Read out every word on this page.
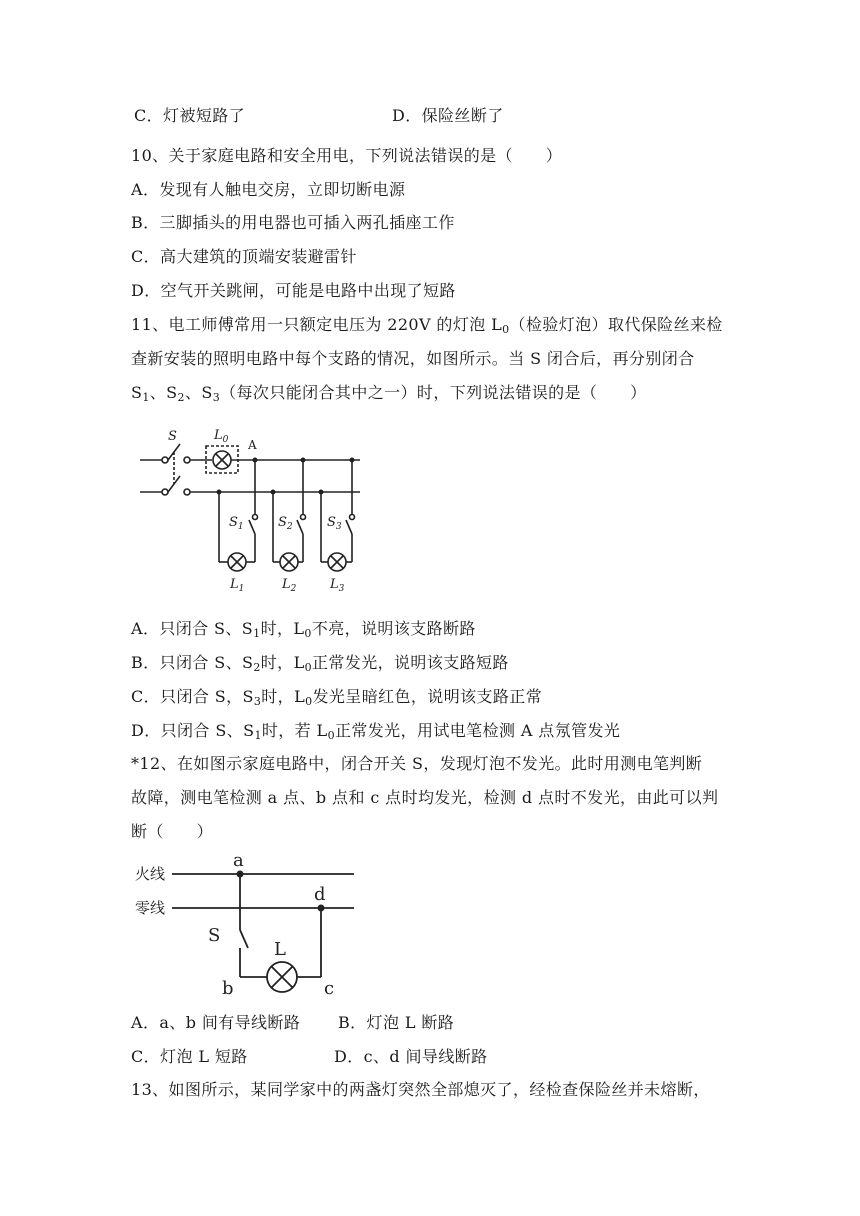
C．灯被短路了	D．保险丝断了
10、关于家庭电路和安全用电，下列说法错误的是（　　）
A．发现有人触电交房，立即切断电源
B．三脚插头的用电器也可插入两孔插座工作
C．高大建筑的顶端安装避雷针
D．空气开关跳闸，可能是电路中出现了短路
11、电工师傅常用一只额定电压为 220V 的灯泡 $L_0$（检验灯泡）取代保险丝来检
查新安装的照明电路中每个支路的情况，如图所示。当 S 闭合后，再分别闭合
$S_1$、$S_2$、$S_3$（每次只能闭合其中之一）时，下列说法错误的是（　　）
S	$L_0$ A
$S_1$	$S_2$	$S_3$
$L_1$	$L_2$	$L_3$
A．只闭合 S、$S_1$时，$L_0$不亮，说明该支路断路
B．只闭合 S、$S_2$时，$L_0$正常发光，说明该支路短路
C．只闭合 S，$S_3$时，$L_0$发光呈暗红色，说明该支路正常
D．只闭合 S、$S_1$时，若 $L_0$正常发光，用试电笔检测 A 点氖管发光
*12、在如图示家庭电路中，闭合开关 S，发现灯泡不发光。此时用测电笔判断
故障，测电笔检测 a 点、b 点和 c 点时均发光，检测 d 点时不发光，由此可以判
断（　　）
火线
零线
a
d
S
L
b	c
A．a、b 间有导线断路 B．灯泡 L 断路
C．灯泡 L 短路	D．c、d 间导线断路
13、如图所示，某同学家中的两盏灯突然全部熄灭了，经检查保险丝并未熔断，
